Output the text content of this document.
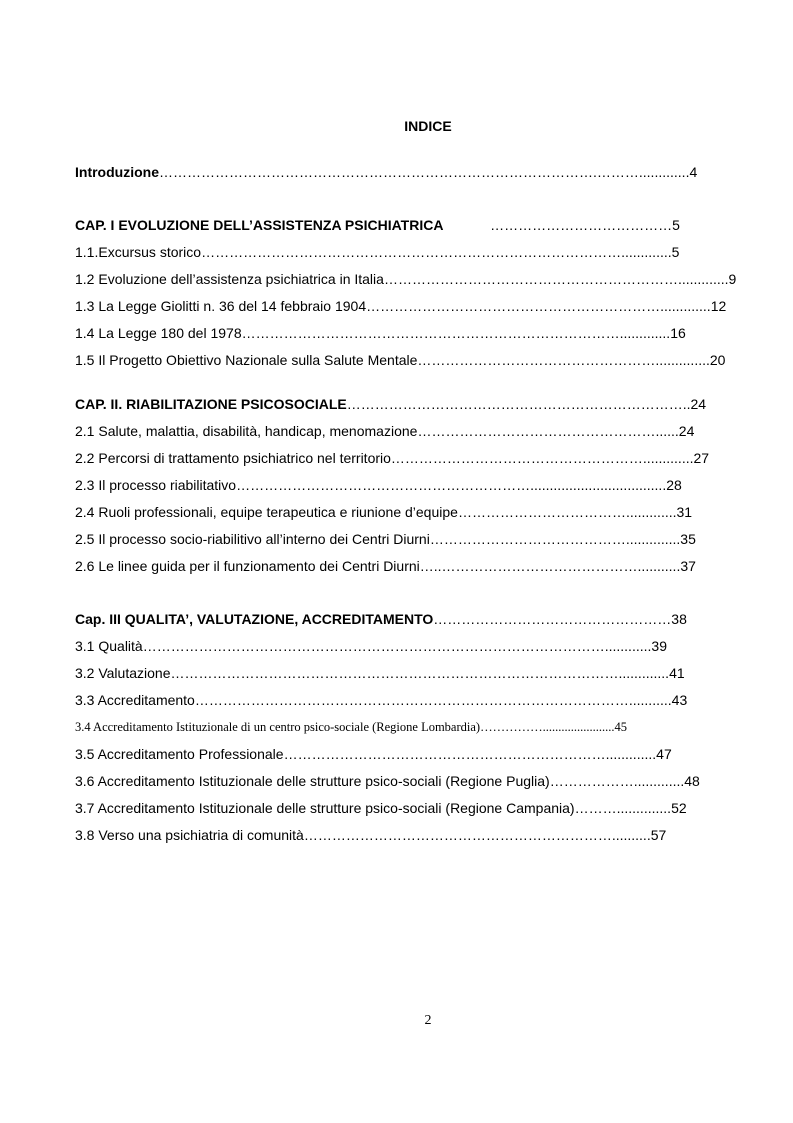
INDICE
Introduzione………………………………………………………………………………….……….............4
CAP. I EVOLUZIONE DELL’ASSISTENZA PSICHIATRICA            …………………………………5
1.1.Excursus storico……………………………………………………………………………….............5
1.2 Evoluzione dell’assistenza psichiatrica in Italia……………………………………………………….............9
1.3 La Legge Giolitti n. 36 del 14 febbraio 1904……………………………………………………….............12
1.4 La Legge 180 del 1978……………………………………………………………………….............16
1.5 Il Progetto Obiettivo Nazionale sulla Salute Mentale……………………………………………..............20
CAP. II. RIABILITAZIONE PSICOSOCIALE………………………………………………………………..24
2.1 Salute, malattia, disabilità, handicap, menomazione……………………………………………......24
2.2 Percorsi di trattamento psichiatrico nel territorio……………………………………………….............27
2.3 Il processo riabilitativo………………………………………………………...................................28
2.4 Ruoli professionali, equipe terapeutica e riunione d’equipe……………………………….............31
2.5 Il processo socio-riabilitivo all’interno dei Centri Diurni……………………………………..............35
2.6 Le linee guida per il funzionamento dei Centri Diurni…..……………………………………...........37
Cap. III QUALITA’, VALUTAZIONE, ACCREDITAMENTO……………………………………………38
3.1 Qualità………………………………………………………………………………………............39
3.2 Valutazione…………………………………………………………………………………….............41
3.3 Accreditamento…………………………………………………………………………………...........43
3.4 Accreditamento Istituzionale di un centro psico-sociale (Regione Lombardia)…………….......................45
3.5 Accreditamento Professionale…………………………………………………………….............47
3.6 Accreditamento Istituzionale delle strutture psico-sociali (Regione Puglia)……………….............48
3.7 Accreditamento Istituzionale delle strutture psico-sociali (Regione Campania)………..............52
3.8 Verso una psichiatria di comunità…………………………………………………………..........57
2
